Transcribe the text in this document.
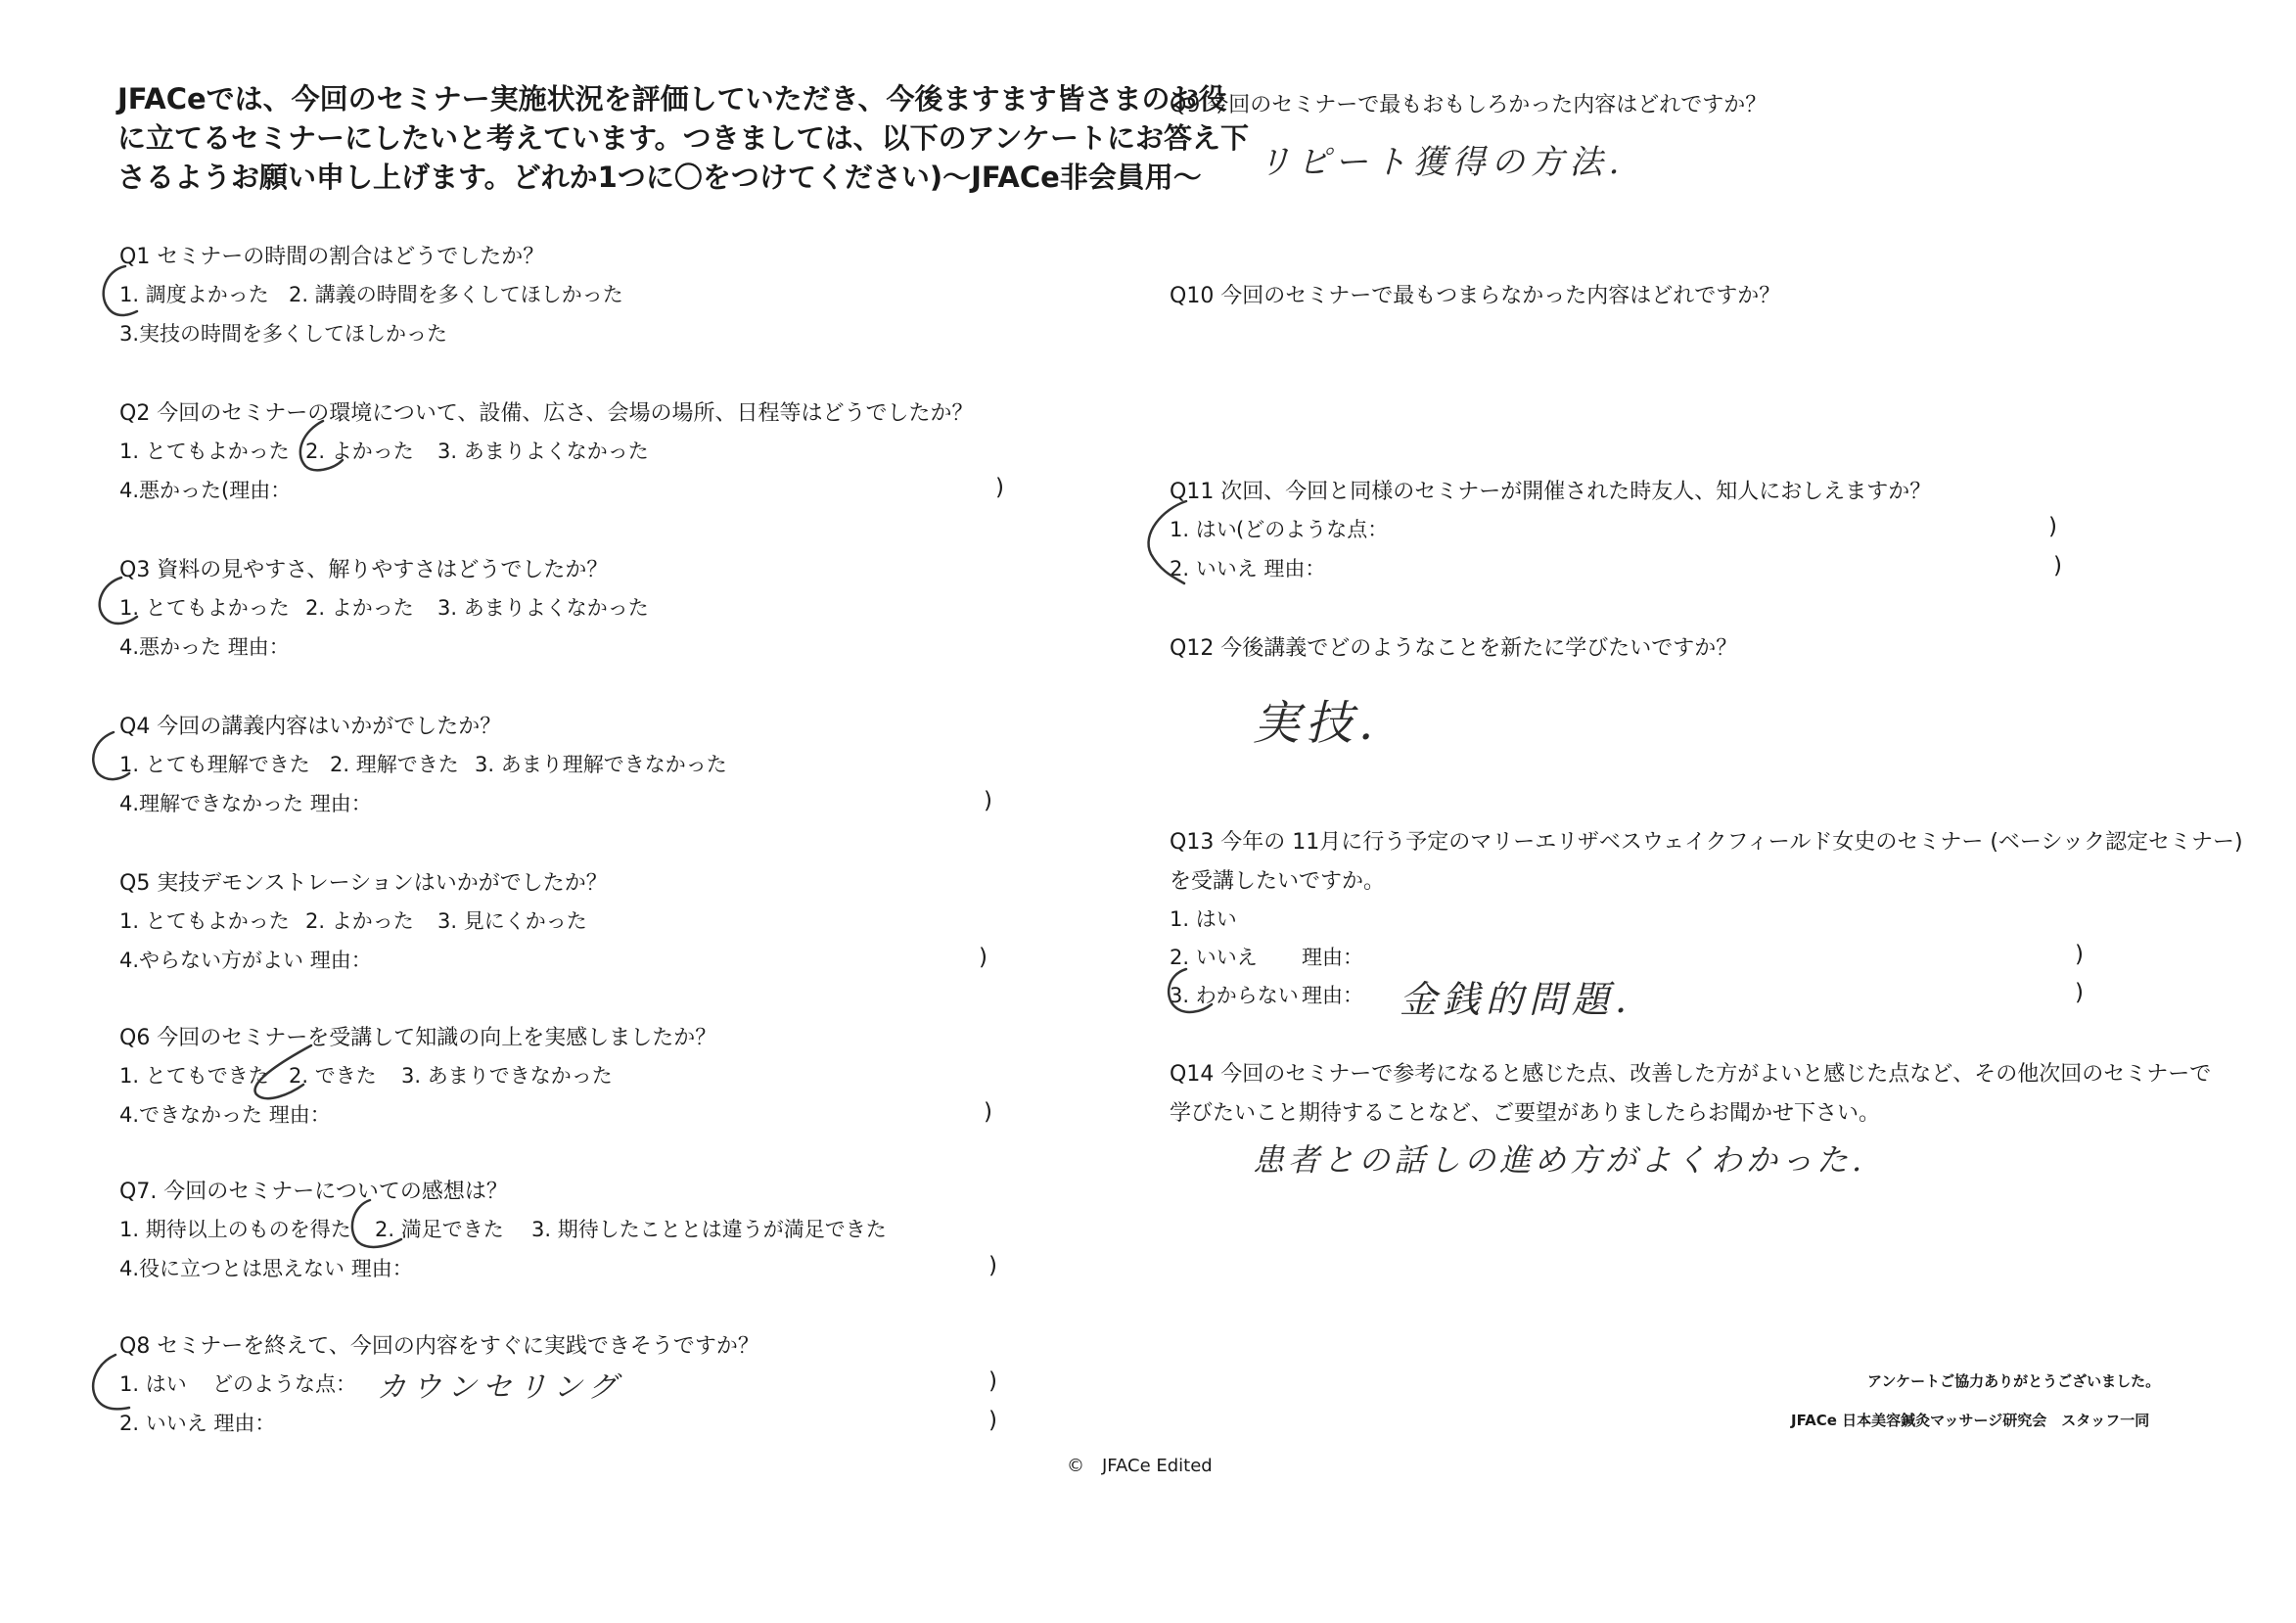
JFACeでは、今回のセミナー実施状況を評価していただき、今後ますます皆さまのお役
に立てるセミナーにしたいと考えています。つきましては、以下のアンケートにお答え下
さるようお願い申し上げます。どれか1つに〇をつけてください)〜JFACe非会員用〜
Q1 セミナーの時間の割合はどうでしたか？
1. 調度よかった 2. 講義の時間を多くしてほしかった
3.実技の時間を多くしてほしかった
Q2 今回のセミナーの環境について、設備、広さ、会場の場所、日程等はどうでしたか？
1. とてもよかった 2. よかった 3. あまりよくなかった
4.悪かった(理由：	)
Q3 資料の見やすさ、解りやすさはどうでしたか？
1. とてもよかった 2. よかった 3. あまりよくなかった
4.悪かった 理由：
Q4 今回の講義内容はいかがでしたか？
1. とても理解できた 2. 理解できた 3. あまり理解できなかった
4.理解できなかった 理由：	)
Q5 実技デモンストレーションはいかがでしたか？
1. とてもよかった 2. よかった 3. 見にくかった
4.やらない方がよい 理由：	)
Q6 今回のセミナーを受講して知識の向上を実感しましたか？
1. とてもできた 2. できた 3. あまりできなかった
4.できなかった 理由：	)
Q7. 今回のセミナーについての感想は？
1. 期待以上のものを得た 2. 満足できた 3. 期待したこととは違うが満足できた
4.役に立つとは思えない 理由：	)
Q8 セミナーを終えて、今回の内容をすぐに実践できそうですか？
1. はい どのような点： カウンセリング	)
2. いいえ 理由：	)
Q9 今回のセミナーで最もおもしろかった内容はどれですか？
リピート獲得の方法.
Q10 今回のセミナーで最もつまらなかった内容はどれですか？
Q11 次回、今回と同様のセミナーが開催された時友人、知人におしえますか？
1. はい (どのような点：	)
2. いいえ 理由：	)
Q12 今後講義でどのようなことを新たに学びたいですか？
実技.
Q13 今年の 11月に行う予定のマリーエリザベスウェイクフィールド女史のセミナー (ベーシック認定セミナー)
を受講したいですか。
1. はい
2. いいえ 理由：	)
3. わからない 理由： 金銭的問題.	)
Q14 今回のセミナーで参考になると感じた点、改善した方がよいと感じた点など、その他次回のセミナーで
学びたいこと期待することなど、ご要望がありましたらお聞かせ下さい。
患者との話しの進め方がよくわかった.
アンケートご協力ありがとうございました。
JFACe 日本美容鍼灸マッサージ研究会　スタッフ一同
©　JFACe Edited
